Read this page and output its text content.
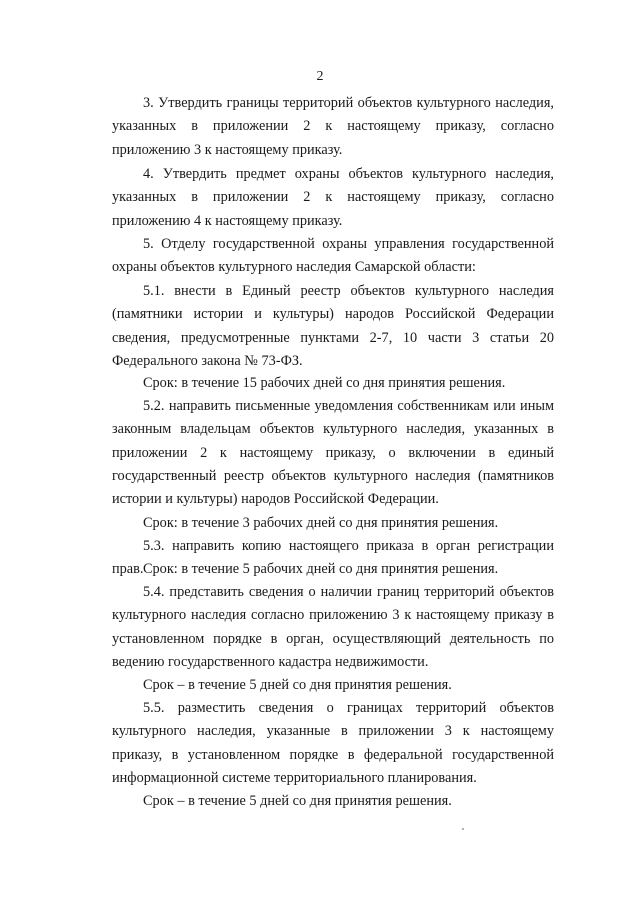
2

3. Утвердить границы территорий объектов культурного наследия, указанных в приложении 2 к настоящему приказу, согласно приложению 3 к настоящему приказу.

4. Утвердить предмет охраны объектов культурного наследия, указанных в приложении 2 к настоящему приказу, согласно приложению 4 к настоящему приказу.

5. Отделу государственной охраны управления государственной охраны объектов культурного наследия Самарской области:

5.1. внести в Единый реестр объектов культурного наследия (памятники истории и культуры) народов Российской Федерации сведения, предусмотренные пунктами 2-7, 10 части 3 статьи 20 Федерального закона № 73-ФЗ.

Срок: в течение 15 рабочих дней со дня принятия решения.

5.2. направить письменные уведомления собственникам или иным законным владельцам объектов культурного наследия, указанных в приложении 2 к настоящему приказу, о включении в единый государственный реестр объектов культурного наследия (памятников истории и культуры) народов Российской Федерации.

Срок: в течение 3 рабочих дней со дня принятия решения.

5.3. направить копию настоящего приказа в орган регистрации прав. Срок: в течение 5 рабочих дней со дня принятия решения.

5.4. представить сведения о наличии границ территорий объектов культурного наследия согласно приложению 3 к настоящему приказу в установленном порядке в орган, осуществляющий деятельность по ведению государственного кадастра недвижимости.

Срок – в течение 5 дней со дня принятия решения.

5.5. разместить сведения о границах территорий объектов культурного наследия, указанные в приложении 3 к настоящему приказу, в установленном порядке в федеральной государственной информационной системе территориального планирования.

Срок – в течение 5 дней со дня принятия решения.
